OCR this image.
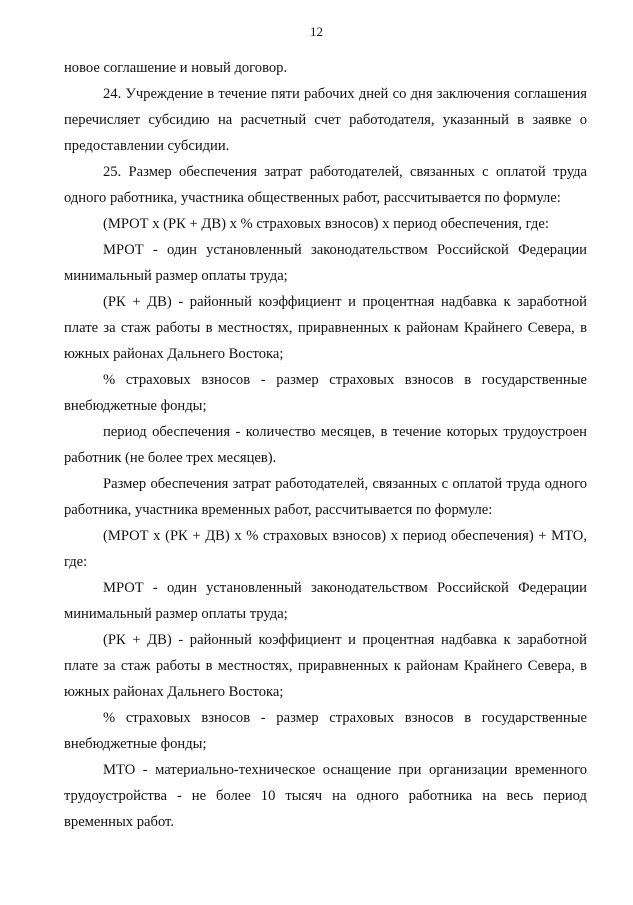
12

новое соглашение и новый договор.

24. Учреждение в течение пяти рабочих дней со дня заключения соглашения перечисляет субсидию на расчетный счет работодателя, указанный в заявке о предоставлении субсидии.

25. Размер обеспечения затрат работодателей, связанных с оплатой труда одного работника, участника общественных работ, рассчитывается по формуле:

(МРОТ х (РК + ДВ) х % страховых взносов) х период обеспечения, где:

МРОТ - один установленный законодательством Российской Федерации минимальный размер оплаты труда;

(РК + ДВ) - районный коэффициент и процентная надбавка к заработной плате за стаж работы в местностях, приравненных к районам Крайнего Севера, в южных районах Дальнего Востока;

% страховых взносов - размер страховых взносов в государственные внебюджетные фонды;

период обеспечения - количество месяцев, в течение которых трудоустроен работник (не более трех месяцев).

Размер обеспечения затрат работодателей, связанных с оплатой труда одного работника, участника временных работ, рассчитывается по формуле:

(МРОТ х (РК + ДВ) х % страховых взносов) х период обеспечения) + МТО, где:

МРОТ - один установленный законодательством Российской Федерации минимальный размер оплаты труда;

(РК + ДВ) - районный коэффициент и процентная надбавка к заработной плате за стаж работы в местностях, приравненных к районам Крайнего Севера, в южных районах Дальнего Востока;

% страховых взносов - размер страховых взносов в государственные внебюджетные фонды;

МТО - материально-техническое оснащение при организации временного трудоустройства - не более 10 тысяч на одного работника на весь период временных работ.
